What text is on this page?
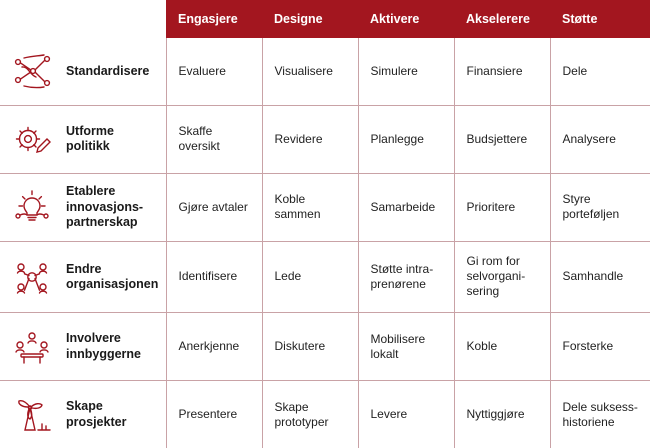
	Engasjere	Designe	Aktivere	Akselerere	Støtte

Standardisere	Evaluere	Visualisere	Simulere	Finansiere	Dele

Utforme politikk	Skaffe oversikt	Revidere	Planlegge	Budsjettere	Analysere

Etablere innovasjons- partnerskap	Gjøre avtaler	Koble sammen	Samarbeide	Prioritere	Styre porteføljen

Endre organisasjonen	Identifisere	Lede	Støtte intra-prenørene	Gi rom for selvorgani-sering	Samhandle

Involvere innbyggerne	Anerkjenne	Diskutere	Mobilisere lokalt	Koble	Forsterke

Skape prosjekter	Presentere	Skape prototyper	Levere	Nyttiggjøre	Dele suksess-historiene
